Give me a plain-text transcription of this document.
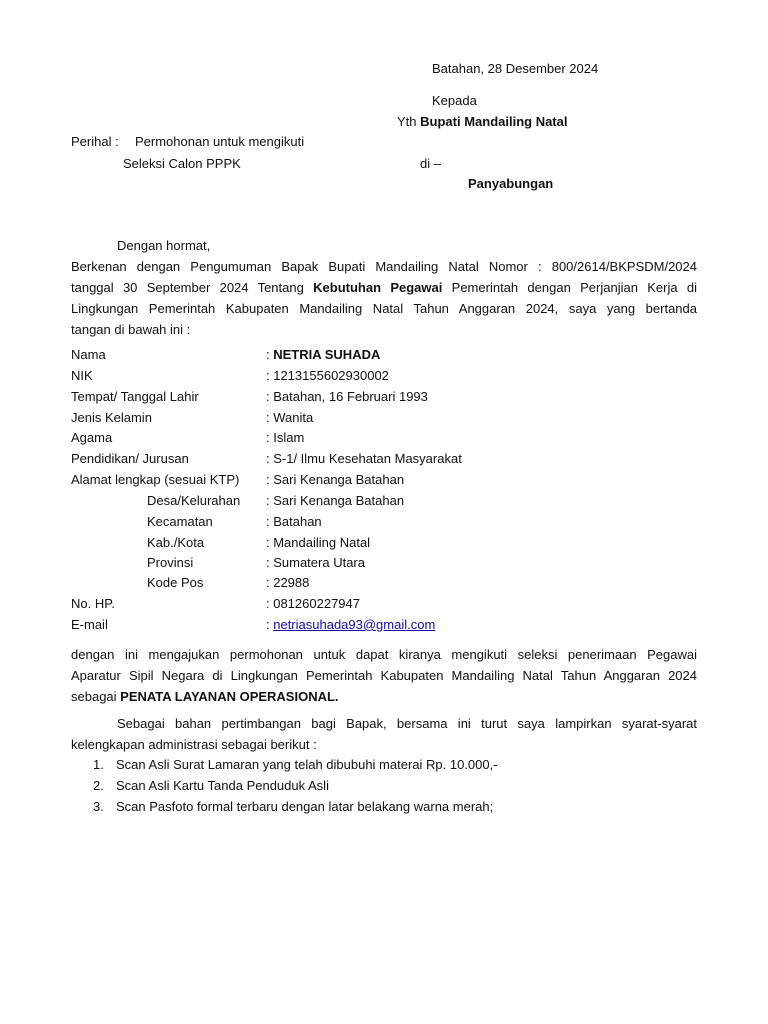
Batahan, 28 Desember 2024
Kepada
Yth Bupati Mandailing Natal
Perihal : Permohonan untuk mengikuti
Seleksi Calon PPPK	di –
Panyabungan
Dengan hormat,
Berkenan dengan Pengumuman Bapak Bupati Mandailing Natal Nomor : 800/2614/BKPSDM/2024
tanggal 30 September 2024 Tentang Kebutuhan Pegawai Pemerintah dengan Perjanjian Kerja di
Lingkungan Pemerintah Kabupaten Mandailing Natal Tahun Anggaran 2024, saya yang bertanda
tangan di bawah ini :
Nama	: NETRIA SUHADA
NIK	: 1213155602930002
Tempat/ Tanggal Lahir	: Batahan, 16 Februari 1993
Jenis Kelamin	: Wanita
Agama	: Islam
Pendidikan/ Jurusan	: S-1/ Ilmu Kesehatan Masyarakat
Alamat lengkap (sesuai KTP) : Sari Kenanga Batahan
Desa/Kelurahan : Sari Kenanga Batahan
Kecamatan	: Batahan
Kab./Kota	: Mandailing Natal
Provinsi	: Sumatera Utara
Kode Pos	: 22988
No. HP.	: 081260227947
E-mail	: netriasuhada93@gmail.com
dengan ini mengajukan permohonan untuk dapat kiranya mengikuti seleksi penerimaan Pegawai
Aparatur Sipil Negara di Lingkungan Pemerintah Kabupaten Mandailing Natal Tahun Anggaran 2024
sebagai PENATA LAYANAN OPERASIONAL.
Sebagai bahan pertimbangan bagi Bapak, bersama ini turut saya lampirkan syarat-syarat
kelengkapan administrasi sebagai berikut :
1. Scan Asli Surat Lamaran yang telah dibubuhi materai Rp. 10.000,-
2. Scan Asli Kartu Tanda Penduduk Asli
3. Scan Pasfoto formal terbaru dengan latar belakang warna merah;
